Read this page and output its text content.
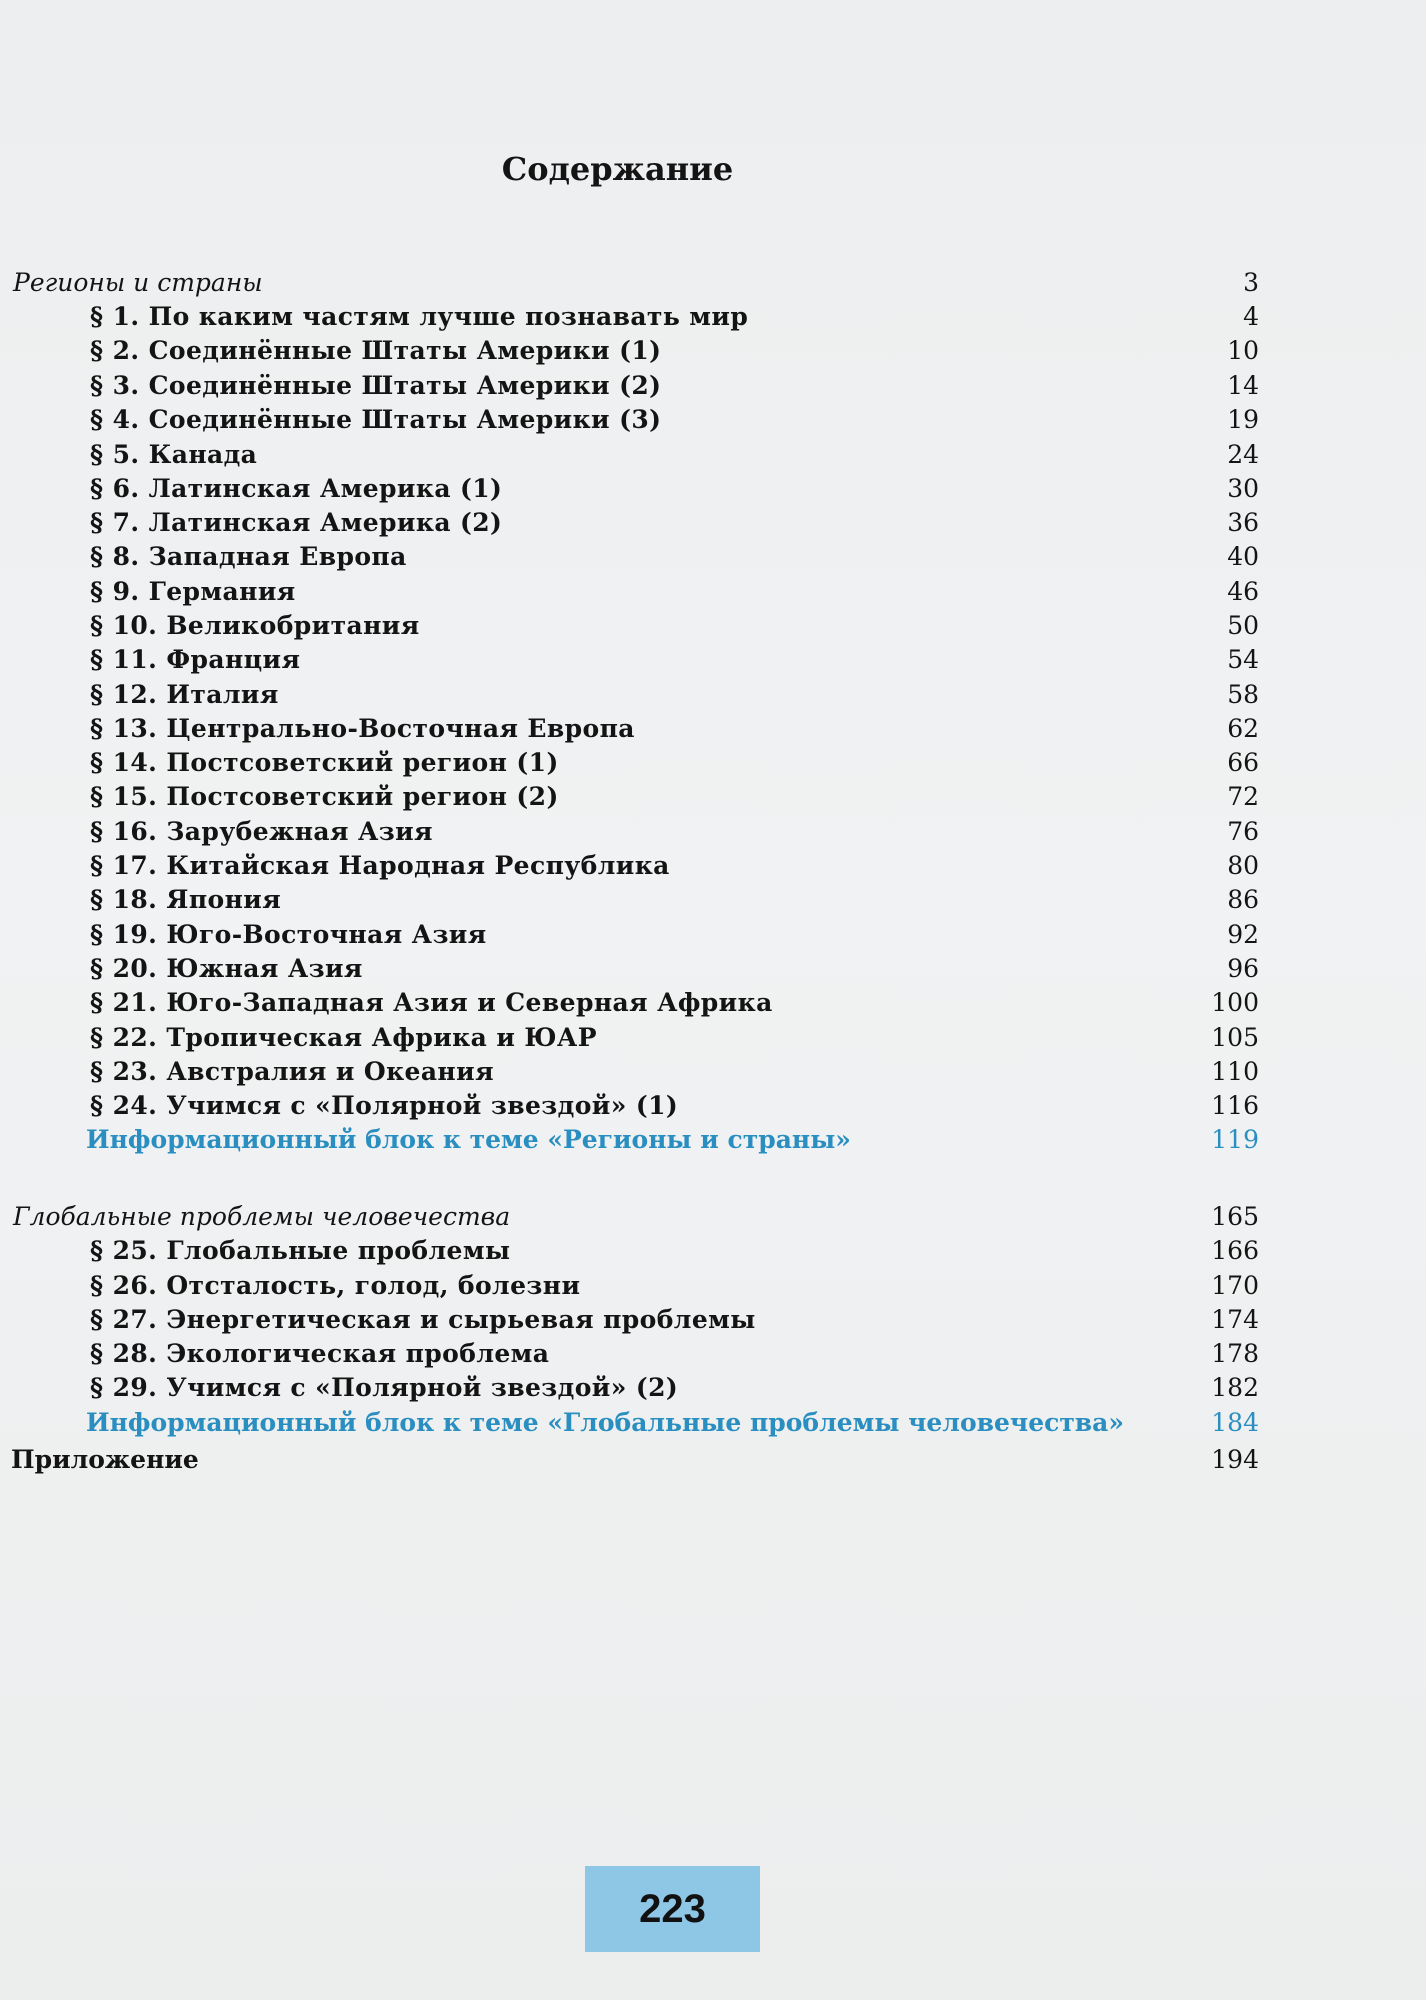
Содержание
Регионы и страны	3
§ 1. По каким частям лучше познавать мир	4
§ 2. Соединённые Штаты Америки (1)	10
§ 3. Соединённые Штаты Америки (2)	14
§ 4. Соединённые Штаты Америки (3)	19
§ 5. Канада	24
§ 6. Латинская Америка (1)	30
§ 7. Латинская Америка (2)	36
§ 8. Западная Европа	40
§ 9. Германия	46
§ 10. Великобритания	50
§ 11. Франция	54
§ 12. Италия	58
§ 13. Центрально-Восточная Европа	62
§ 14. Постсоветский регион (1)	66
§ 15. Постсоветский регион (2)	72
§ 16. Зарубежная Азия	76
§ 17. Китайская Народная Республика	80
§ 18. Япония	86
§ 19. Юго-Восточная Азия	92
§ 20. Южная Азия	96
§ 21. Юго-Западная Азия и Северная Африка	100
§ 22. Тропическая Африка и ЮАР	105
§ 23. Австралия и Океания	110
§ 24. Учимся с «Полярной звездой» (1)	116
Информационный блок к теме «Регионы и страны»	119
Глобальные проблемы человечества	165
§ 25. Глобальные проблемы	166
§ 26. Отсталость, голод, болезни	170
§ 27. Энергетическая и сырьевая проблемы	174
§ 28. Экологическая проблема	178
§ 29. Учимся с «Полярной звездой» (2)	182
Информационный блок к теме «Глобальные проблемы человечества»	184
Приложение	194
223
